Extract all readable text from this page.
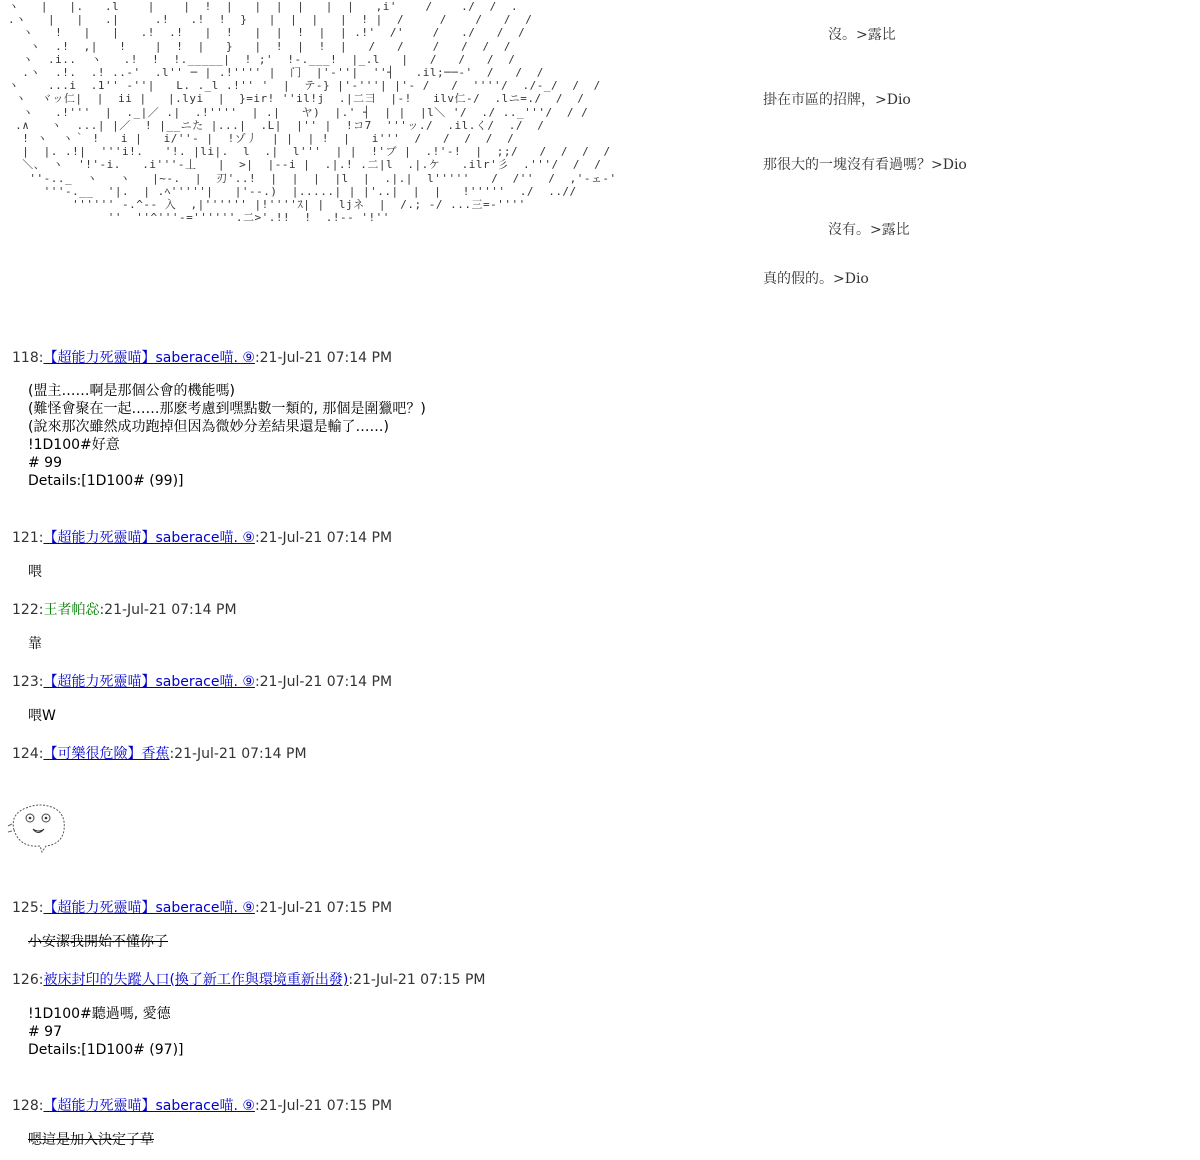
ヽ   |   |.   .l    |    |  !  |   |  |  |   |  |   ,i'    /    ./  /  .
.ヽ   |   |   .|     .!   .!  !  }   |  |  |   |  ! |  /     /    /   /  /
ヽ   !   |   |   .!  .!   |  !   |  |  !  |  | .!'  /'    /   ./   /  /
ヽ  .!  ,|   !    |  !  |   }   |  !  |  !  |   /   /    /   /  /  /
ヽ  .i..  ヽ   .!  !  !._____|  ! ;'  !-.___!  |_.l   |   /   /   /  /
.ヽ  .!.  .! ..-'  .l'' ─ | .!'''' |  门  |'-''|  ''┤   .il;──-'  /   /  /
ヽ    ...i  .1'' -''|   L. ._l .!'' '  |  テ-} |'-'''| |'- /   /  ''''/  ./-_/  /  /
ヽ  ヾッ仁|  |  ii |   |.lyi  |  }=ir! ''il!j  .|二彐  |-!   ilv仁-/  .lニ=./  /  /
ヽ   .!'''  |  ._|／ .|  .!''''  | .|   ヤ)  |.' ┤  | |  |l＼ '/  ./ .._'''/  / /
.∧   ヽ  ...| |／  ! |__ニた |...|  .L|  |'' |  !コ7  '''ッ./  .il.く/  ./  /
! ヽ  ヽ｀ !   i |   i/''- |  !ゾ丿  | |  | !  |   i'''  /   /  /  /  /
|  |. .!|  '''i!.   '!. |li|.  l  .|  l'''  | |  !'ブ |  .!'-!  |  ;;/   /  /  /  /
＼、 ヽ  '!'-i.   .i'''-丄   |  >|  |--i |  .|.! .二|l  .|.ケ   .ilr'彡  .'''/  /  /
''-.._  ヽ   ヽ   |~-.  |  刃'..!  |  |  |  |l  |  .|.|  l'''''   /  /''  /  ,'-ェ-'
'''-.__  '|.  | .ﾍ'''''|   |'--.)  |.....| | |'..|  |  |   !'''''  ./  ..//
'''''' -.^-- 入  ,|'''''' |!''''ｽ| |  ljネ  |  /.; -/ ...三=-''''
''  ''^'''-=''''''.二>'.!!  !  .!-- '!''
沒。>露比
掛在市區的招牌，>Dio
那很大的一塊沒有看過嗎？>Dio
沒有。>露比
真的假的。>Dio
118:【超能力死靈喵】saberace喵. ⑨:21-Jul-21 07:14 PM
(盟主……啊是那個公會的機能嗎)
(難怪會聚在一起……那麽考慮到嘿點數一類的, 那個是圍獵吧？)
(說來那次雖然成功跑掉但因為微妙分差結果還是輸了……)
!1D100#好意
# 99
Details:[1D100# (99)]
121:【超能力死靈喵】saberace喵. ⑨:21-Jul-21 07:14 PM
喂
122:王者帕惢:21-Jul-21 07:14 PM
靠
123:【超能力死靈喵】saberace喵. ⑨:21-Jul-21 07:14 PM
喂W
124:【可樂很危險】香蕉:21-Jul-21 07:14 PM
125:【超能力死靈喵】saberace喵. ⑨:21-Jul-21 07:15 PM
小安潔我開始不懂你了
126:被床封印的失蹤人口(換了新工作與環境重新出發):21-Jul-21 07:15 PM
!1D100#聽過嗎, 愛德
# 97
Details:[1D100# (97)]
128:【超能力死靈喵】saberace喵. ⑨:21-Jul-21 07:15 PM
嗯這是加入決定了草
